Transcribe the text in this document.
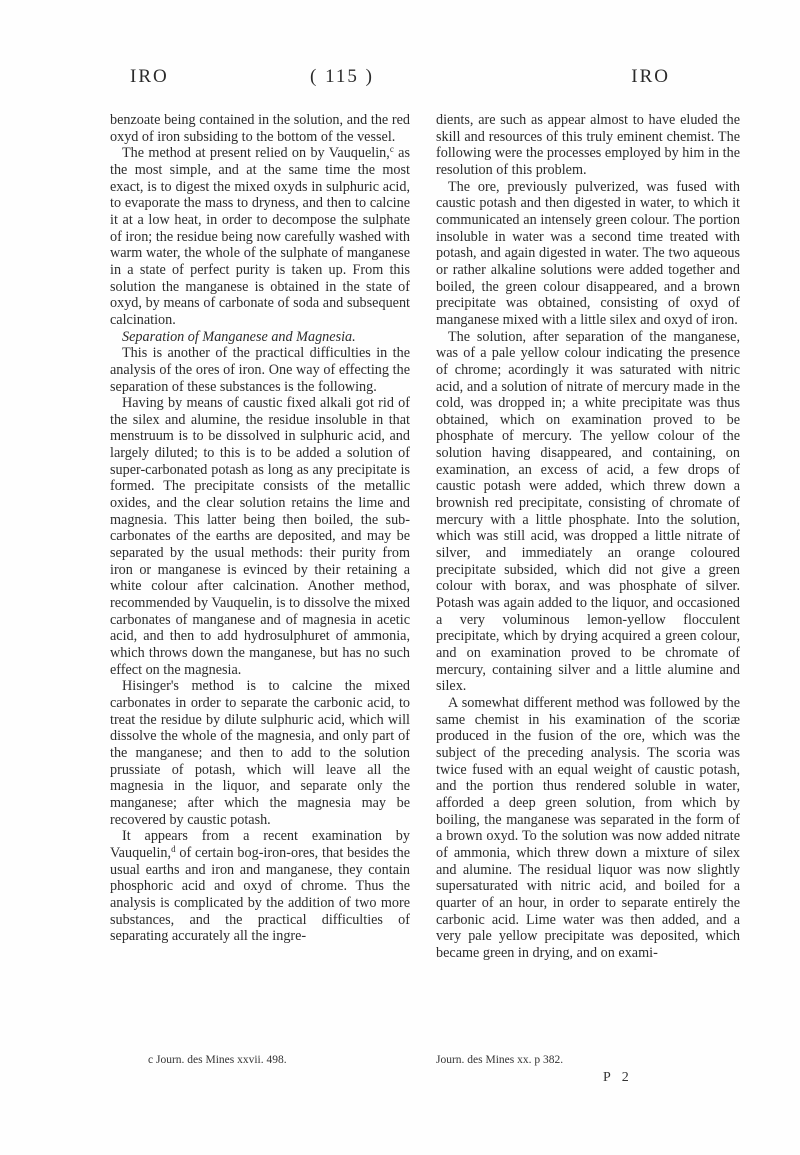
IRO	( 115 )	IRO

benzoate being contained in the solution, and the red oxyd of iron subsiding to the bottom of the vessel.

The method at present relied on by Vauquelin,$^c$ as the most simple, and at the same time the most exact, is to digest the mixed oxyds in sulphuric acid, to evaporate the mass to dryness, and then to calcine it at a low heat, in order to decompose the sulphate of iron; the residue being now carefully washed with warm water, the whole of the sulphate of manganese in a state of perfect purity is taken up. From this solution the manganese is obtained in the state of oxyd, by means of carbonate of soda and subsequent calcination.

Separation of Manganese and Magnesia.

This is another of the practical difficulties in the analysis of the ores of iron. One way of effecting the separation of these substances is the following.

Having by means of caustic fixed alkali got rid of the silex and alumine, the residue insoluble in that menstruum is to be dissolved in sulphuric acid, and largely diluted; to this is to be added a solution of super-carbonated potash as long as any precipitate is formed. The precipitate consists of the metallic oxides, and the clear solution retains the lime and magnesia. This latter being then boiled, the sub-carbonates of the earths are deposited, and may be separated by the usual methods: their purity from iron or manganese is evinced by their retaining a white colour after calcination. Another method, recommended by Vauquelin, is to dissolve the mixed carbonates of manganese and of magnesia in acetic acid, and then to add hydrosulphuret of ammonia, which throws down the manganese, but has no such effect on the magnesia.

Hisinger's method is to calcine the mixed carbonates in order to separate the carbonic acid, to treat the residue by dilute sulphuric acid, which will dissolve the whole of the magnesia, and only part of the manganese; and then to add to the solution prussiate of potash, which will leave all the magnesia in the liquor, and separate only the manganese; after which the magnesia may be recovered by caustic potash.

It appears from a recent examination by Vauquelin,$^d$ of certain bog-iron-ores, that besides the usual earths and iron and manganese, they contain phosphoric acid and oxyd of chrome. Thus the analysis is complicated by the addition of two more substances, and the practical difficulties of separating accurately all the ingre-

dients, are such as appear almost to have eluded the skill and resources of this truly eminent chemist. The following were the processes employed by him in the resolution of this problem.

The ore, previously pulverized, was fused with caustic potash and then digested in water, to which it communicated an intensely green colour. The portion insoluble in water was a second time treated with potash, and again digested in water. The two aqueous or rather alkaline solutions were added together and boiled, the green colour disappeared, and a brown precipitate was obtained, consisting of oxyd of manganese mixed with a little silex and oxyd of iron.

The solution, after separation of the manganese, was of a pale yellow colour indicating the presence of chrome; acordingly it was saturated with nitric acid, and a solution of nitrate of mercury made in the cold, was dropped in; a white precipitate was thus obtained, which on examination proved to be phosphate of mercury. The yellow colour of the solution having disappeared, and containing, on examination, an excess of acid, a few drops of caustic potash were added, which threw down a brownish red precipitate, consisting of chromate of mercury with a little phosphate. Into the solution, which was still acid, was dropped a little nitrate of silver, and immediately an orange coloured precipitate subsided, which did not give a green colour with borax, and was phosphate of silver. Potash was again added to the liquor, and occasioned a very voluminous lemon-yellow flocculent precipitate, which by drying acquired a green colour, and on examination proved to be chromate of mercury, containing silver and a little alumine and silex.

A somewhat different method was followed by the same chemist in his examination of the scoriæ produced in the fusion of the ore, which was the subject of the preceding analysis. The scoria was twice fused with an equal weight of caustic potash, and the portion thus rendered soluble in water, afforded a deep green solution, from which by boiling, the manganese was separated in the form of a brown oxyd. To the solution was now added nitrate of ammonia, which threw down a mixture of silex and alumine. The residual liquor was now slightly supersaturated with nitric acid, and boiled for a quarter of an hour, in order to separate entirely the carbonic acid. Lime water was then added, and a very pale yellow precipitate was deposited, which became green in drying, and on exami-

c Journ. des Mines xxvii. 498.	Journ. des Mines xx. p 382.
P 2
